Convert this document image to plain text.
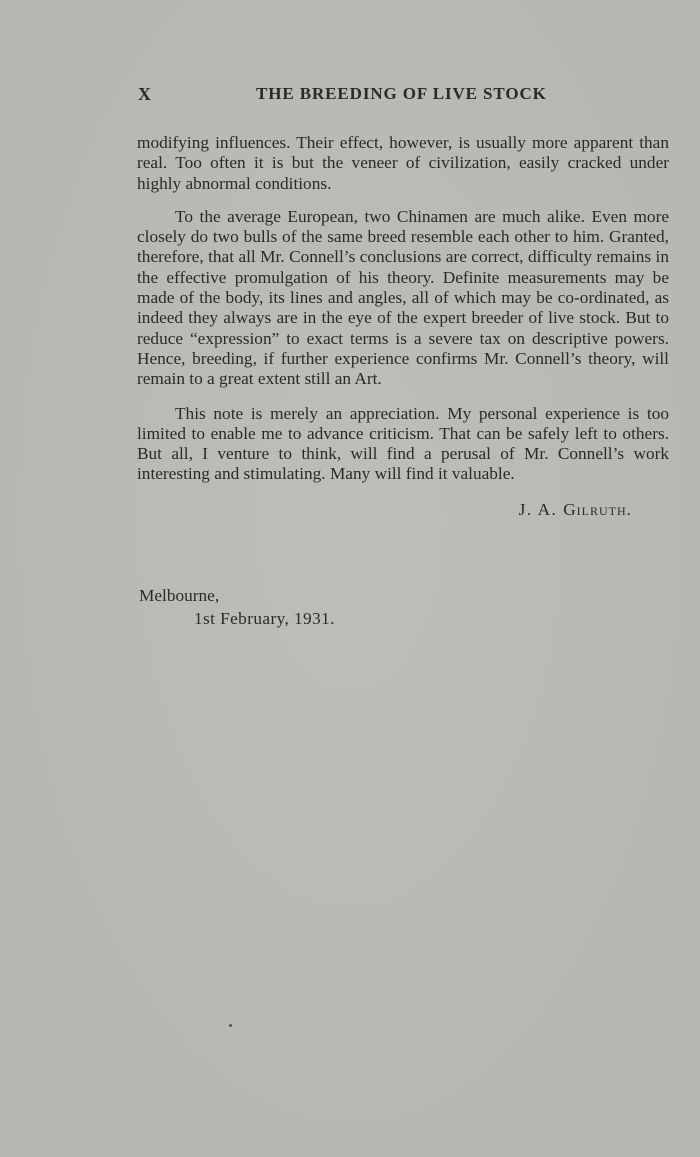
X	THE BREEDING OF LIVE STOCK

modifying influences. Their effect, however, is usually more apparent than real. Too often it is but the veneer of civilization, easily cracked under highly abnormal conditions.

To the average European, two Chinamen are much alike. Even more closely do two bulls of the same breed resemble each other to him. Granted, therefore, that all Mr. Connell’s conclusions are correct, difficulty remains in the effective promulgation of his theory. Definite measurements may be made of the body, its lines and angles, all of which may be co-ordinated, as indeed they always are in the eye of the expert breeder of live stock. But to reduce “expression” to exact terms is a severe tax on descriptive powers. Hence, breeding, if further experience confirms Mr. Connell’s theory, will remain to a great extent still an Art.

This note is merely an appreciation. My personal experience is too limited to enable me to advance criticism. That can be safely left to others. But all, I venture to think, will find a perusal of Mr. Connell’s work interesting and stimulating. Many will find it valuable.

J. A. Gilruth.

Melbourne,
1st February, 1931.
